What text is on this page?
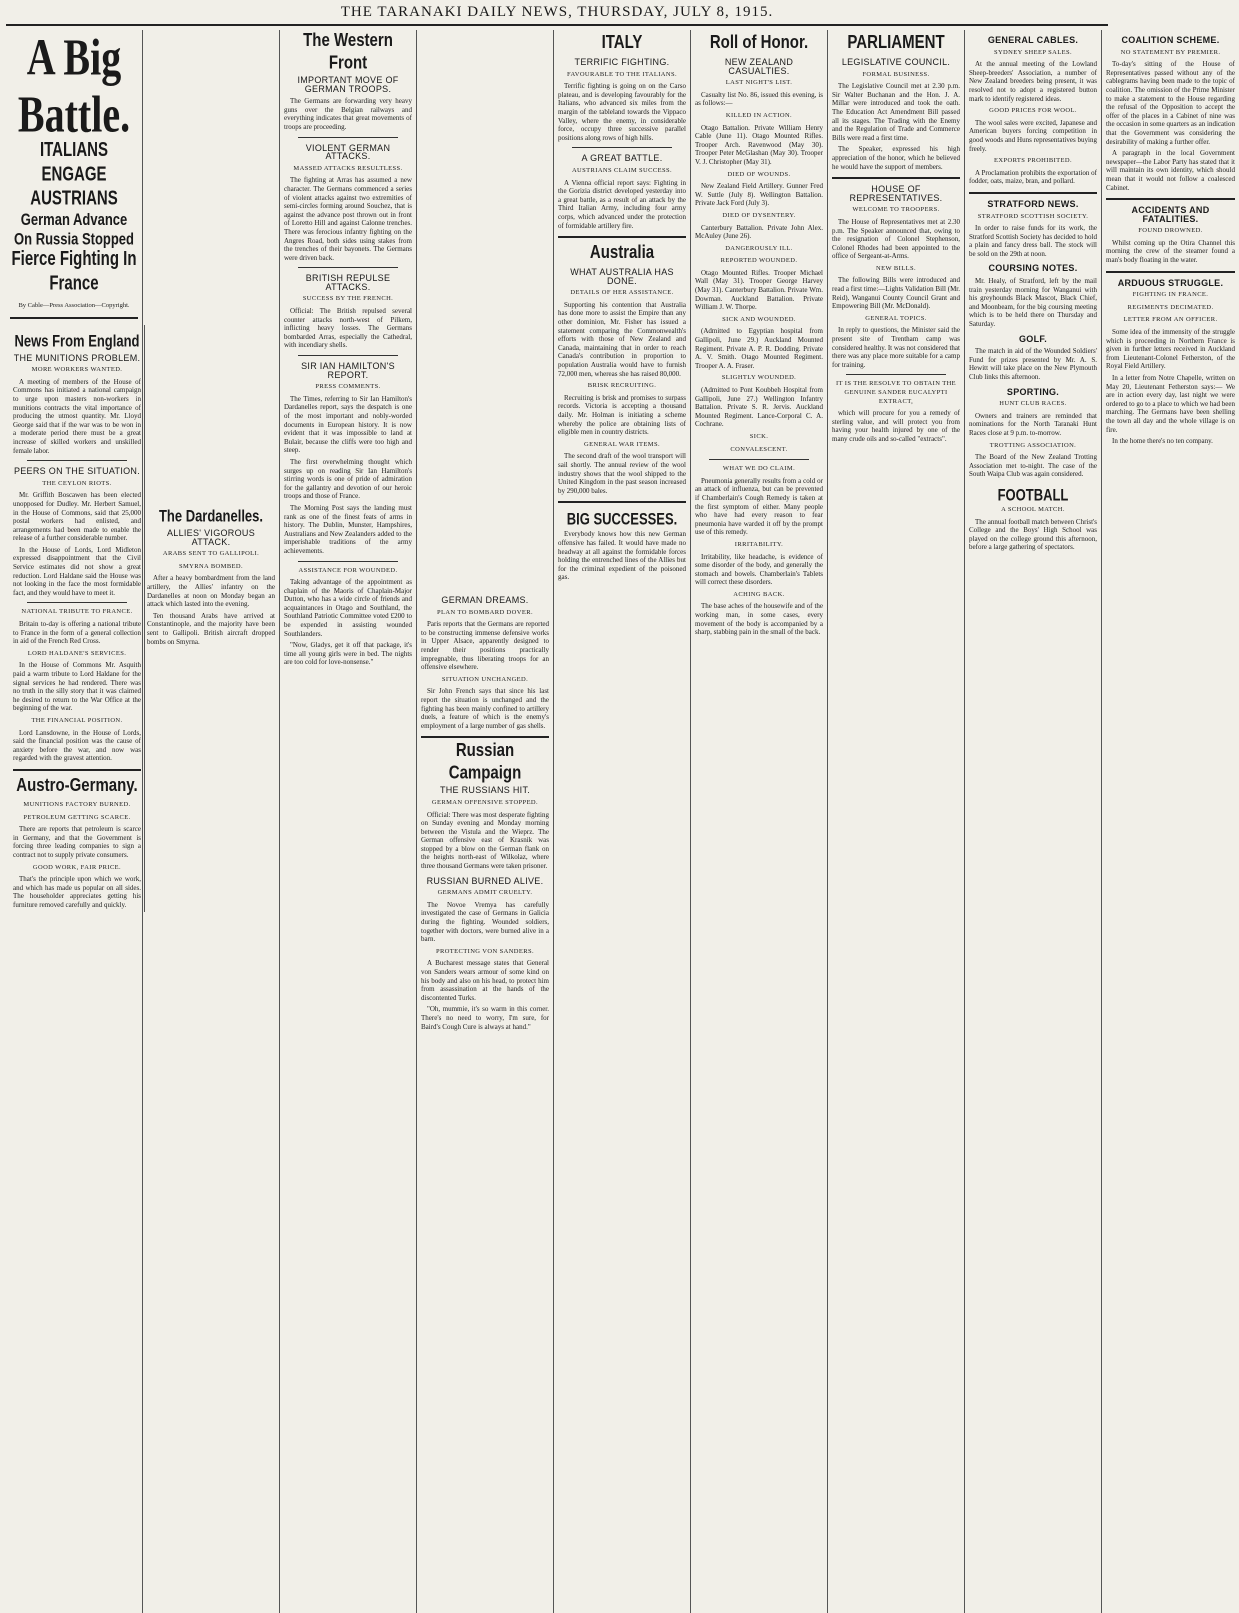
THE TARANAKI DAILY NEWS, THURSDAY, JULY 8, 1915.
A Big Battle.
ITALIANS ENGAGE AUSTRIANS
German Advance On Russia Stopped
Fierce Fighting In France
By Cable—Press Association—Copyright.
News From England
THE MUNITIONS PROBLEM.
MORE WORKERS WANTED.

A meeting of members of the House of Commons has initiated a national campaign to urge upon masters non-workers in munitions contracts the vital importance of producing the utmost quantity. Mr. Lloyd George said that if the war was to be won in a moderate period there must be a great increase of skilled workers and unskilled female labor.

PEERS ON THE SITUATION.
THE CEYLON RIOTS.

Mr. Griffith Boscawen has been elected unopposed for Dudley. Mr. Herbert Samuel, in the House of Commons, said that 25,000 postal workers had enlisted, and arrangements had been made to enable the release of a further considerable number.

In the House of Lords, Lord Midleton expressed disappointment that the Civil Service estimates did not show a great reduction. Lord Haldane said the House was not looking in the face the most formidable fact, and they would have to meet it.

NATIONAL TRIBUTE TO FRANCE.

Britain to-day is offering a national tribute to France in the form of a general collection in aid of the French Red Cross.

LORD HALDANE'S SERVICES.

In the House of Commons Mr. Asquith paid a warm tribute to Lord Haldane for the signal services he had rendered. There was no truth in the silly story that it was claimed he desired to return to the War Office at the beginning of the war.

THE FINANCIAL POSITION.

Lord Lansdowne, in the House of Lords, said the financial position was the cause of anxiety before the war, and now was regarded with the gravest attention.

Austro-Germany.
MUNITIONS FACTORY BURNED.
PETROLEUM GETTING SCARCE.

There are reports that petroleum is scarce in Germany, and that the Government is forcing three leading companies to sign a contract not to supply private consumers.

GOOD WORK, FAIR PRICE.

That's the principle upon which we work, and which has made us popular on all sides. The householder appreciates getting his furniture removed carefully and quickly.

The Dardanelles.
ALLIES' VIGOROUS ATTACK.
ARABS SENT TO GALLIPOLI.
SMYRNA BOMBED.

After a heavy bombardment from the land artillery, the Allies' infantry on the Dardanelles at noon on Monday began an attack which lasted into the evening.

Ten thousand Arabs have arrived at Constantinople, and the majority have been sent to Gallipoli. British aircraft dropped bombs on Smyrna.

The Western Front
IMPORTANT MOVE OF GERMAN TROOPS.

The Germans are forwarding very heavy guns over the Belgian railways and everything indicates that great movements of troops are proceeding.

VIOLENT GERMAN ATTACKS.
MASSED ATTACKS RESULTLESS.

The fighting at Arras has assumed a new character. The Germans commenced a series of violent attacks against two extremities of semi-circles forming around Souchez, that is against the advance post thrown out in front of Loretto Hill and against Calonne trenches. There was ferocious infantry fighting on the Angres Road, both sides using stakes from the trenches of their bayonets. The Germans were driven back.

BRITISH REPULSE ATTACKS.
SUCCESS BY THE FRENCH.

Official: The British repulsed several counter attacks north-west of Pilkem, inflicting heavy losses. The Germans bombarded Arras, especially the Cathedral, with incendiary shells.

SIR IAN HAMILTON'S REPORT.
PRESS COMMENTS.

The Times, referring to Sir Ian Hamilton's Dardanelles report, says the despatch is one of the most important and nobly-worded documents in European history. It is now evident that it was impossible to land at Bulair, because the cliffs were too high and steep.

The first overwhelming thought which surges up on reading Sir Ian Hamilton's stirring words is one of pride of admiration for the gallantry and devotion of our heroic troops and those of France.

The Morning Post says the landing must rank as one of the finest feats of arms in history. The Dublin, Munster, Hampshires, Australians and New Zealanders added to the imperishable traditions of the army achievements.

ASSISTANCE FOR WOUNDED.

Taking advantage of the appointment as chaplain of the Maoris of Chaplain-Major Dutton, who has a wide circle of friends and acquaintances in Otago and Southland, the Southland Patriotic Committee voted £200 to be expended in assisting wounded Southlanders.

"Now, Gladys, get it off that package, it's time all young girls were in bed. The nights are too cold for love-nonsense."

GERMAN DREAMS.
PLAN TO BOMBARD DOVER.

Paris reports that the Germans are reported to be constructing immense defensive works in Upper Alsace, apparently designed to render their positions practically impregnable, thus liberating troops for an offensive elsewhere.

SITUATION UNCHANGED.

Sir John French says that since his last report the situation is unchanged and the fighting has been mainly confined to artillery duels, a feature of which is the enemy's employment of a large number of gas shells.

Russian Campaign
THE RUSSIANS HIT.
GERMAN OFFENSIVE STOPPED.

Official: There was most desperate fighting on Sunday evening and Monday morning between the Vistula and the Wieprz. The German offensive east of Krasnik was stopped by a blow on the German flank on the heights north-east of Wilkolaz, where three thousand Germans were taken prisoner.

RUSSIAN BURNED ALIVE.
GERMANS ADMIT CRUELTY.

The Novoe Vremya has carefully investigated the case of Germans in Galicia during the fighting. Wounded soldiers, together with doctors, were burned alive in a barn.

PROTECTING VON SANDERS.

A Bucharest message states that General von Sanders wears armour of some kind on his body and also on his head, to protect him from assassination at the hands of the discontented Turks.

"Oh, mummie, it's so warm in this corner. There's no need to worry, I'm sure, for Baird's Cough Cure is always at hand."

ITALY
TERRIFIC FIGHTING.
FAVOURABLE TO THE ITALIANS.

Terrific fighting is going on on the Carso plateau, and is developing favourably for the Italians, who advanced six miles from the margin of the tableland towards the Vippaco Valley, where the enemy, in considerable force, occupy three successive parallel positions along rows of high hills.

A GREAT BATTLE.
AUSTRIANS CLAIM SUCCESS.

A Vienna official report says: Fighting in the Gorizia district developed yesterday into a great battle, as a result of an attack by the Third Italian Army, including four army corps, which advanced under the protection of formidable artillery fire.

Australia
WHAT AUSTRALIA HAS DONE.
DETAILS OF HER ASSISTANCE.

Supporting his contention that Australia has done more to assist the Empire than any other dominion, Mr. Fisher has issued a statement comparing the Commonwealth's efforts with those of New Zealand and Canada, maintaining that in order to reach Canada's contribution in proportion to population Australia would have to furnish 72,000 men, whereas she has raised 80,000.

BRISK RECRUITING.

Recruiting is brisk and promises to surpass records. Victoria is accepting a thousand daily. Mr. Holman is initiating a scheme whereby the police are obtaining lists of eligible men in country districts.

GENERAL WAR ITEMS.

The second draft of the wool transport will sail shortly. The annual review of the wool industry shows that the wool shipped to the United Kingdom in the past season increased by 290,000 bales.

BIG SUCCESSES.

Everybody knows how this new German offensive has failed. It would have made no headway at all against the formidable forces holding the entrenched lines of the Allies but for the criminal expedient of the poisoned gas.

Roll of Honor.
NEW ZEALAND CASUALTIES.
LAST NIGHT'S LIST.

Casualty list No. 86, issued this evening, is as follows:—

KILLED IN ACTION.

Otago Battalion. Private William Henry Cable (June 11). Otago Mounted Rifles. Trooper Arch. Ravenwood (May 30). Trooper Peter McGlashan (May 30). Trooper V. J. Christopher (May 31).

DIED OF WOUNDS.

New Zealand Field Artillery. Gunner Fred W. Suttle (July 8). Wellington Battalion. Private Jack Ford (July 3).

DIED OF DYSENTERY.

Canterbury Battalion. Private John Alex. McAuley (June 26).

DANGEROUSLY ILL.
REPORTED WOUNDED.

Otago Mounted Rifles. Trooper Michael Wall (May 31). Trooper George Harvey (May 31). Canterbury Battalion. Private Wm. Dowman. Auckland Battalion. Private William J. W. Thorpe.

SICK AND WOUNDED.

(Admitted to Egyptian hospital from Gallipoli, June 29.) Auckland Mounted Regiment. Private A. P. R. Dodding. Private A. V. Smith. Otago Mounted Regiment. Trooper A. A. Fraser.

SLIGHTLY WOUNDED.

(Admitted to Pont Koubbeh Hospital from Gallipoli, June 27.) Wellington Infantry Battalion. Private S. R. Jervis. Auckland Mounted Regiment. Lance-Corporal C. A. Cochrane.

SICK.
CONVALESCENT.
WHAT WE DO CLAIM.

Pneumonia generally results from a cold or an attack of influenza, but can be prevented if Chamberlain's Cough Remedy is taken at the first symptom of either. Many people who have had every reason to fear pneumonia have warded it off by the prompt use of this remedy.

IRRITABILITY.

Irritability, like headache, is evidence of some disorder of the body, and generally the stomach and bowels. Chamberlain's Tablets will correct these disorders.

ACHING BACK.

The base aches of the housewife and of the working man, in some cases, every movement of the body is accompanied by a sharp, stabbing pain in the small of the back.

PARLIAMENT
LEGISLATIVE COUNCIL.
FORMAL BUSINESS.

The Legislative Council met at 2.30 p.m. Sir Walter Buchanan and the Hon. J. A. Millar were introduced and took the oath. The Education Act Amendment Bill passed all its stages. The Trading with the Enemy and the Regulation of Trade and Commerce Bills were read a first time.

The Speaker, expressed his high appreciation of the honor, which he believed he would have the support of members.

HOUSE OF REPRESENTATIVES.
WELCOME TO TROOPERS.

The House of Representatives met at 2.30 p.m. The Speaker announced that, owing to the resignation of Colonel Stephenson, Colonel Rhodes had been appointed to the office of Sergeant-at-Arms.

NEW BILLS.

The following Bills were introduced and read a first time:—Lights Validation Bill (Mr. Reid), Wanganui County Council Grant and Empowering Bill (Mr. McDonald).

GENERAL TOPICS.

In reply to questions, the Minister said the present site of Trentham camp was considered healthy. It was not considered that there was any place more suitable for a camp for training.

IT IS THE RESOLVE TO OBTAIN THE GENUINE SANDER EUCALYPTI EXTRACT,

which will procure for you a remedy of sterling value, and will protect you from having your health injured by one of the many crude oils and so-called "extracts".

GENERAL CABLES.
SYDNEY SHEEP SALES.

At the annual meeting of the Lowland Sheep-breeders' Association, a number of New Zealand breeders being present, it was resolved not to adopt a registered button mark to identify registered ideas.

GOOD PRICES FOR WOOL.

The wool sales were excited, Japanese and American buyers forcing competition in good woods and Huns representatives buying freely.

EXPORTS PROHIBITED.

A Proclamation prohibits the exportation of fodder, oats, maize, bran, and pollard.

STRATFORD NEWS.
STRATFORD SCOTTISH SOCIETY.

In order to raise funds for its work, the Stratford Scottish Society has decided to hold a plain and fancy dress ball. The stock will be sold on the 29th at noon.

COURSING NOTES.

Mr. Healy, of Stratford, left by the mail train yesterday morning for Wanganui with his greyhounds Black Mascot, Black Chief, and Moonbeam, for the big coursing meeting which is to be held there on Thursday and Saturday.

GOLF.

The match in aid of the Wounded Soldiers' Fund for prizes presented by Mr. A. S. Hewitt will take place on the New Plymouth Club links this afternoon.

SPORTING.
HUNT CLUB RACES.

Owners and trainers are reminded that nominations for the North Taranaki Hunt Races close at 9 p.m. to-morrow.

TROTTING ASSOCIATION.

The Board of the New Zealand Trotting Association met to-night. The case of the South Waipa Club was again considered.

FOOTBALL
A SCHOOL MATCH.

The annual football match between Christ's College and the Boys' High School was played on the college ground this afternoon, before a large gathering of spectators.

COALITION SCHEME.
NO STATEMENT BY PREMIER.

To-day's sitting of the House of Representatives passed without any of the cablegrams having been made to the topic of coalition. The omission of the Prime Minister to make a statement to the House regarding the refusal of the Opposition to accept the offer of the places in a Cabinet of nine was the occasion in some quarters as an indication that the Government was considering the desirability of making a further offer.

A paragraph in the local Government newspaper—the Labor Party has stated that it will maintain its own identity, which should mean that it would not follow a coalesced Cabinet.

ACCIDENTS AND FATALITIES.
FOUND DROWNED.

Whilst coming up the Otira Channel this morning the crew of the steamer found a man's body floating in the water.

ARDUOUS STRUGGLE.
FIGHTING IN FRANCE.
REGIMENTS DECIMATED.
LETTER FROM AN OFFICER.

Some idea of the immensity of the struggle which is proceeding in Northern France is given in further letters received in Auckland from Lieutenant-Colonel Fetherston, of the Royal Field Artillery.

In a letter from Notre Chapelle, written on May 20, Lieutenant Fetherston says:— We are in action every day, last night we were ordered to go to a place to which we had been marching. The Germans have been shelling the town all day and the whole village is on fire.

In the home there's no ten company.
